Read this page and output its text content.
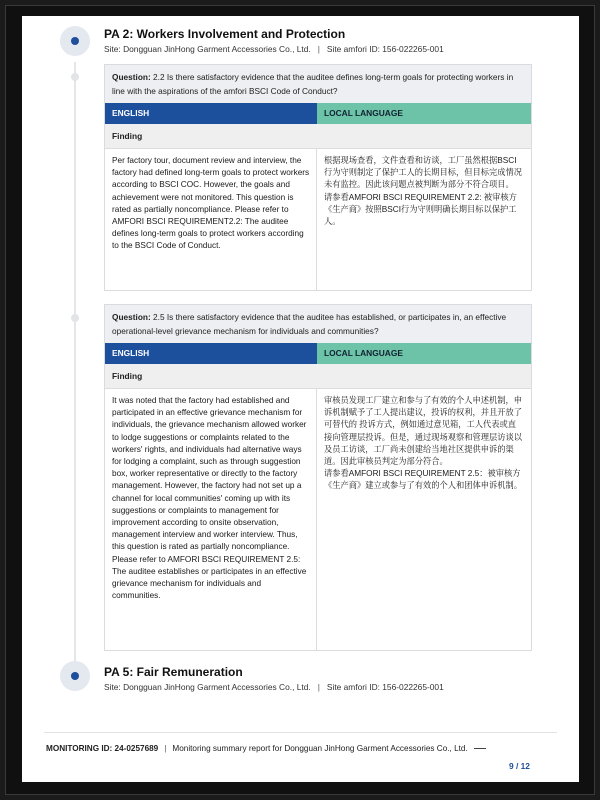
PA 2: Workers Involvement and Protection
Site: Dongguan JinHong Garment Accessories Co., Ltd. | Site amfori ID: 156-022265-001
Question: 2.2 Is there satisfactory evidence that the auditee defines long-term goals for protecting workers in line with the aspirations of the amfori BSCI Code of Conduct?
ENGLISH	LOCAL LANGUAGE
Finding

Per factory tour, document review and interview, the factory had defined long-term goals to protect workers according to BSCI COC. However, the goals and achievement were not monitored. This question is rated as partially noncompliance. Please refer to AMFORI BSCI REQUIREMENT2.2: The auditee defines long-term goals to protect workers according to the BSCI Code of Conduct.

根据现场查看，文件查看和访谈，工厂虽然根据BSCI行为守则制定了保护工人的长期目标，但目标完成情况未有监控。因此该问题点被判断为部分不符合项目。

请参看AMFORI BSCI REQUIREMENT 2.2: 被审核方《生产商》按照BSCI行为守则明确长期目标以保护工人。

Question: 2.5 Is there satisfactory evidence that the auditee has established, or participates in, an effective operational-level grievance mechanism for individuals and communities?
ENGLISH	LOCAL LANGUAGE
Finding

It was noted that the factory had established and participated in an effective grievance mechanism for individuals, the grievance mechanism allowed worker to lodge suggestions or complaints related to the workers' rights, and individuals had alternative ways for lodging a complaint, such as through suggestion box, worker representative or directly to the factory management. However, the factory had not set up a channel for local communities' coming up with its suggestions or complaints to management for improvement according to onsite observation, management interview and worker interview. Thus, this question is rated as partially noncompliance. Please refer to AMFORI BSCI REQUIREMENT 2.5: The auditee establishes or participates in an effective grievance mechanism for individuals and communities.

审核员发现工厂建立和参与了有效的个人申述机制，申诉机制赋予了工人提出建议，投诉的权利，并且开放了可替代的 投诉方式，例如通过意见箱，工人代表或直接向管理层投诉。但是，通过现场观察和管理层访谈以及员工访谈，工厂尚未创建给当地社区提供申诉的渠道。因此审核员判定为部分符合。

请参看AMFORI BSCI REQUIREMENT 2.5：被审核方《生产商》建立或参与了有效的个人和团体申诉机制。

PA 5: Fair Remuneration
Site: Dongguan JinHong Garment Accessories Co., Ltd. | Site amfori ID: 156-022265-001
MONITORING ID: 24-0257689 | Monitoring summary report for Dongguan JinHong Garment Accessories Co., Ltd.
9 / 12
